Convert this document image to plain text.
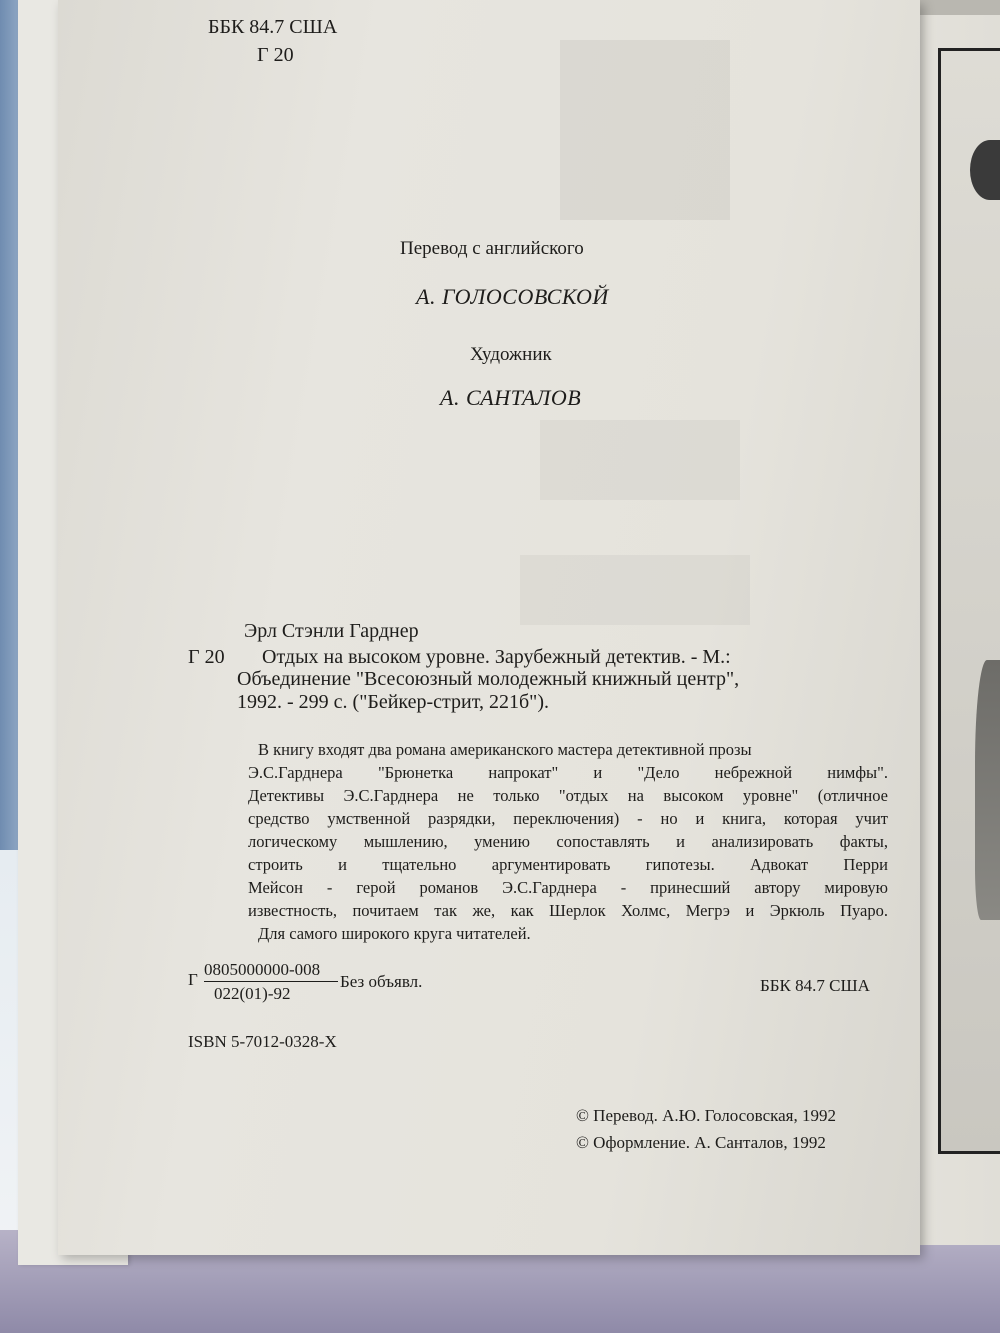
ББК 84.7 США
Г 20
Перевод с английского
А. ГОЛОСОВСКОЙ
Художник
А. САНТАЛОВ
Эрл Стэнли Гарднер
Г 20 Отдых на высоком уровне. Зарубежный детектив. - М.:
Объединение "Всесоюзный молодежный книжный центр",
1992. - 299 с. ("Бейкер-стрит, 221б").
В книгу входят два романа американского мастера детективной прозы
Э.С.Гарднера "Брюнетка напрокат" и "Дело небрежной нимфы".
Детективы Э.С.Гарднера не только "отдых на высоком уровне" (отличное
средство умственной разрядки, переключения) - но и книга, которая учит
логическому мышлению, умению сопоставлять и анализировать факты,
строить и тщательно аргументировать гипотезы. Адвокат Перри
Мейсон - герой романов Э.С.Гарднера - принесший автору мировую
известность, почитаем так же, как Шерлок Холмс, Мегрэ и Эркюль Пуаро.
Для самого широкого круга читателей.
Г
0805000000-008
022(01)-92
Без объявл.	ББК 84.7 США
ISBN 5-7012-0328-X
© Перевод. А.Ю. Голосовская, 1992
© Оформление. А. Санталов, 1992
